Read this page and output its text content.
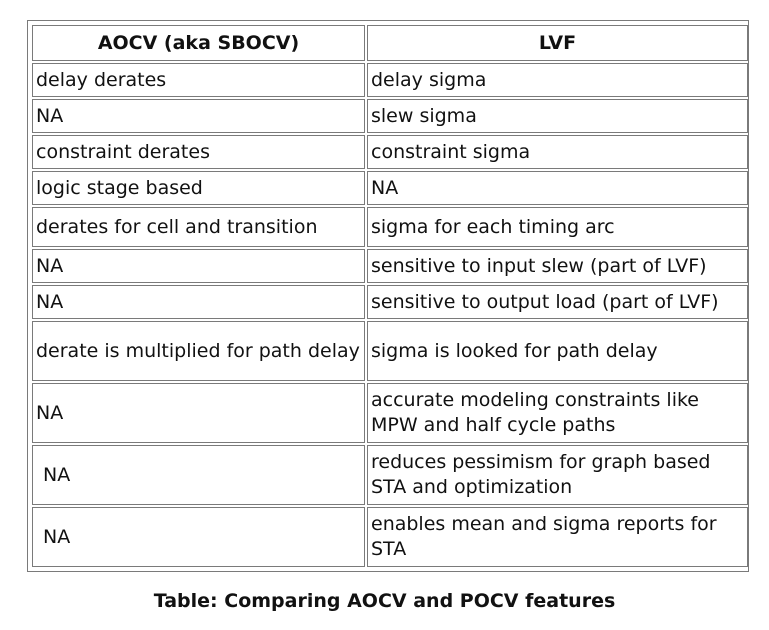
AOCV (aka SBOCV)	LVF
delay derates	delay sigma
NA	slew sigma
constraint derates	constraint sigma
logic stage based	NA
derates for cell and transition	sigma for each timing arc
NA	sensitive to input slew (part of LVF)
NA	sensitive to output load (part of LVF)
derate is multiplied for path delay	sigma is looked for path delay
NA	accurate modeling constraints like MPW and half cycle paths
NA	reduces pessimism for graph based STA and optimization
NA	enables mean and sigma reports for STA
Table: Comparing AOCV and POCV features
